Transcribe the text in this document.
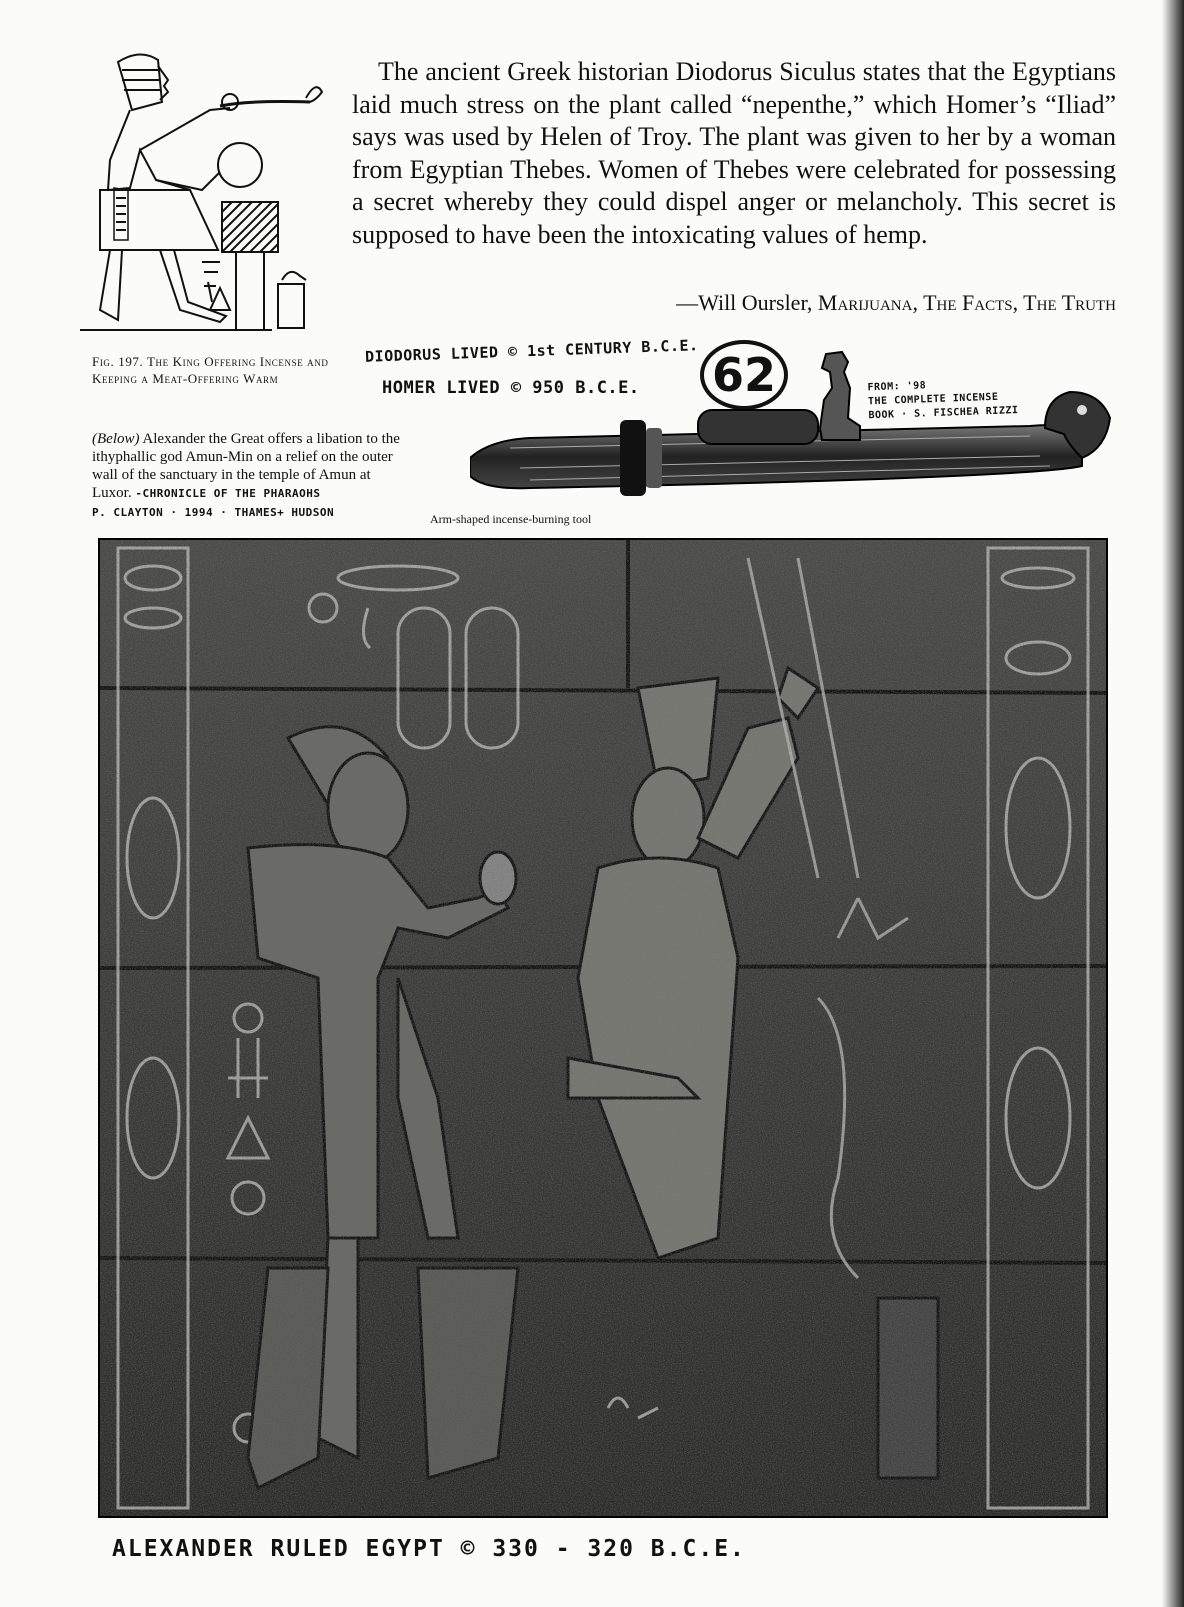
Fig. 197. The King Offering Incense and Keeping a Meat-Offering Warm
(Below) Alexander the Great offers a libation to the ithyphallic god Amun-Min on a relief on the outer wall of the sanctuary in the temple of Amun at Luxor. -CHRONICLE OF THE PHARAOHS
P. CLAYTON · 1994 · THAMES+ HUDSON
The ancient Greek historian Diodorus Siculus states that the Egyptians laid much stress on the plant called “nepenthe,” which Homer’s “Iliad” says was used by Helen of Troy. The plant was given to her by a woman from Egyptian Thebes. Women of Thebes were celebrated for possessing a secret whereby they could dispel anger or melancholy. This secret is supposed to have been the intoxicating values of hemp.
—Will Oursler, Marijuana, The Facts, The Truth
DIODORUS LIVED © 1st CENTURY B.C.E.
HOMER LIVED © 950 B.C.E. 62	FROM: '98
THE COMPLETE INCENSE
BOOK · S. FISCHEA RIZZI
Arm-shaped incense-burning tool
ALEXANDER RULED EGYPT © 330 - 320 B.C.E.
